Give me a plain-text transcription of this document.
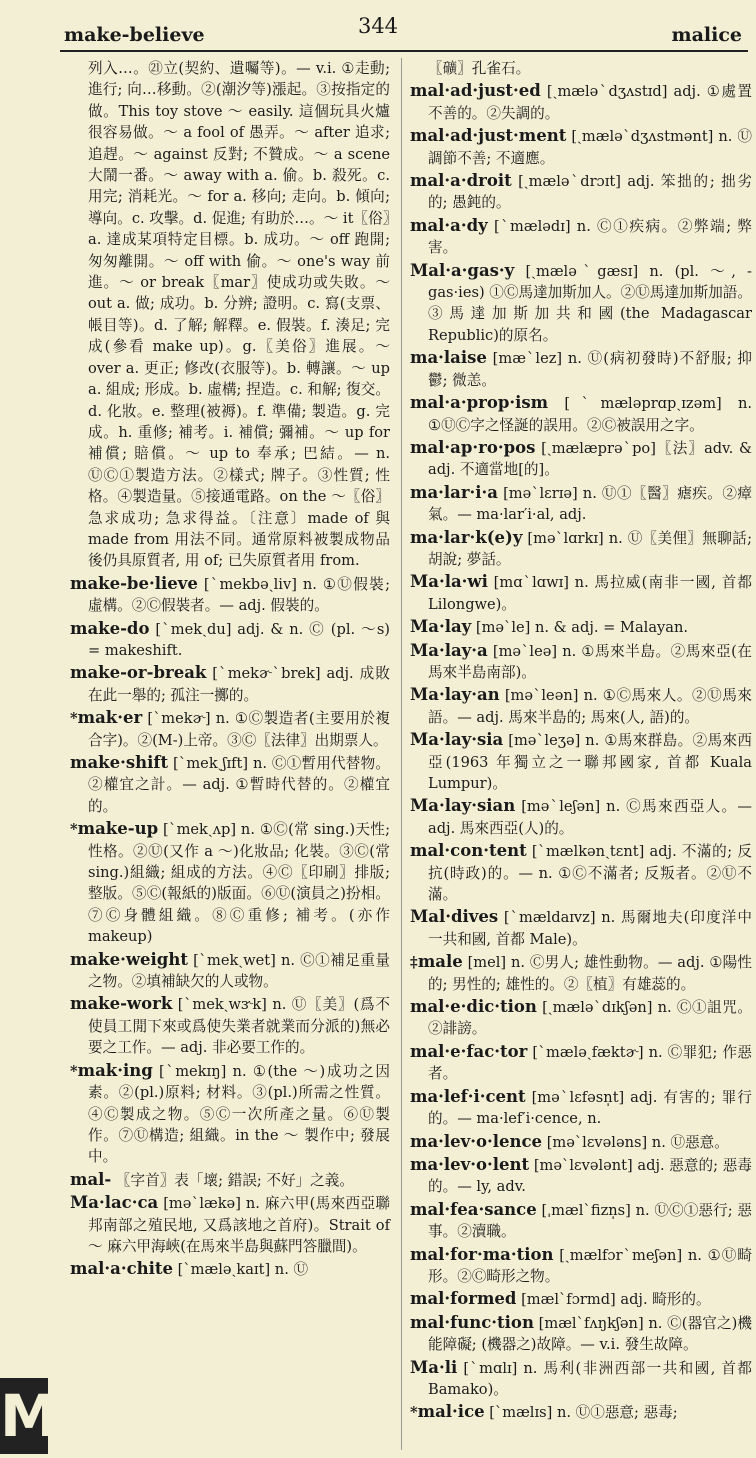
make-believe	344	malice
列入…。㉑立(契約、遺囑等)。— v.i. ①走動; 進行; 向…移動。②(潮汐等)漲起。③按指定的做。This toy stove ～ easily. 這個玩具火爐很容易做。～ a fool of 愚弄。～ after 追求; 追趕。～ against 反對; 不贊成。～ a scene 大鬧一番。～ away with a. 偷。b. 殺死。c. 用完; 消耗光。～ for a. 移向; 走向。b. 傾向; 導向。c. 攻擊。d. 促進; 有助於…。～ it〖俗〗a. 達成某項特定目標。b. 成功。～ off 跑開; 匆匆離開。～ off with 偷。～ one's way 前進。～ or break〖mar〗使成功或失敗。～ out a. 做; 成功。b. 分辨; 證明。c. 寫(支票、帳目等)。d. 了解; 解釋。e. 假裝。f. 湊足; 完成(參看 make up)。g.〖美俗〗進展。～ over a. 更正; 修改(衣服等)。b. 轉讓。～ up a. 組成; 形成。b. 虛構; 捏造。c. 和解; 復交。d. 化妝。e. 整理(被褥)。f. 準備; 製造。g. 完成。h. 重修; 補考。i. 補償; 彌補。～ up for 補償; 賠償。～ up to 奉承; 巴結。— n. ⓊⒸ①製造方法。②樣式; 牌子。③性質; 性格。④製造量。⑤接通電路。on the ～〖俗〗急求成功; 急求得益。〔注意〕made of 與 made from 用法不同。通常原料被製成物品後仍具原質者, 用 of; 已失原質者用 from.
make-be·lieve [ˋmekbəˏliv] n. ①Ⓤ假裝; 虛構。②Ⓒ假裝者。— adj. 假裝的。
make-do [ˋmekˏdu] adj. & n. Ⓒ (pl. ～s) = makeshift.
make-or-break [ˋmekɚˋbrek] adj. 成敗在此一舉的; 孤注一擲的。
*mak·er [ˋmekɚ] n. ①Ⓒ製造者(主要用於複合字)。②(M-)上帝。③Ⓒ〖法律〗出期票人。
make·shift [ˋmekˏʃɪft] n. Ⓒ①暫用代替物。②權宜之計。— adj. ①暫時代替的。②權宜的。
*make-up [ˋmekˏʌp] n. ①Ⓒ(常 sing.)天性; 性格。②Ⓤ(又作 a ～)化妝品; 化裝。③Ⓒ(常 sing.)組織; 組成的方法。④Ⓒ〖印刷〗排版; 整版。⑤Ⓒ(報紙的)版面。⑥Ⓤ(演員之)扮相。⑦Ⓒ身體組織。⑧Ⓒ重修; 補考。(亦作 makeup)
make·weight [ˋmekˏwet] n. Ⓒ①補足重量之物。②填補缺欠的人或物。
make-work [ˋmekˏwɝk] n. Ⓤ〖美〗(爲不使員工閒下來或爲使失業者就業而分派的)無必要之工作。— adj. 非必要工作的。
*mak·ing [ˋmekɪŋ] n. ①(the ～)成功之因素。②(pl.)原料; 材料。③(pl.)所需之性質。④Ⓒ製成之物。⑤Ⓒ一次所產之量。⑥Ⓤ製作。⑦Ⓤ構造; 組織。in the ～ 製作中; 發展中。
mal- 〖字首〗表「壞; 錯誤; 不好」之義。
Ma·lac·ca [məˋlækə] n. 麻六甲(馬來西亞聯邦南部之殖民地, 又爲該地之首府)。Strait of ～ 麻六甲海峽(在馬來半島與蘇門答臘間)。
mal·a·chite [ˋmæləˏkaɪt] n. Ⓤ
〖礦〗孔雀石。
mal·ad·just·ed [ˏmæləˋdʒʌstɪd] adj. ①處置不善的。②失調的。
mal·ad·just·ment [ˏmæləˋdʒʌstmənt] n. Ⓤ調節不善; 不適應。
mal·a·droit [ˏmæləˋdrɔɪt] adj. 笨拙的; 拙劣的; 愚鈍的。
mal·a·dy [ˋmælədɪ] n. Ⓒ①疾病。②弊端; 弊害。
Mal·a·gas·y [ˏmæləˋgæsɪ] n. (pl. ～, -gas·ies) ①Ⓒ馬達加斯加人。②Ⓤ馬達加斯加語。③馬達加斯加共和國(the Madagascar Republic)的原名。
ma·laise [mæˋlez] n. Ⓤ(病初發時)不舒服; 抑鬱; 微恙。
mal·a·prop·ism [ˋmæləprɑpˏɪzəm] n. ①ⓊⒸ字之怪誕的誤用。②Ⓒ被誤用之字。
mal·ap·ro·pos [ˏmælæprəˋpo]〖法〗adv. & adj. 不適當地[的]。
ma·lar·i·a [məˋlɛrɪə] n. Ⓤ①〖醫〗瘧疾。②瘴氣。— ma·lar′i·al, adj.
ma·lar·k(e)y [məˋlɑrkɪ] n. Ⓤ〖美俚〗無聊話; 胡說; 夢話。
Ma·la·wi [mɑˋlɑwɪ] n. 馬拉威(南非一國, 首都 Lilongwe)。
Ma·lay [məˋle] n. & adj. = Malayan.
Ma·lay·a [məˋleə] n. ①馬來半島。②馬來亞(在馬來半島南部)。
Ma·lay·an [məˋleən] n. ①Ⓒ馬來人。②Ⓤ馬來語。— adj. 馬來半島的; 馬來(人, 語)的。
Ma·lay·sia [məˋleʒə] n. ①馬來群島。②馬來西亞(1963 年獨立之一聯邦國家, 首都 Kuala Lumpur)。
Ma·lay·sian [məˋleʃən] n. Ⓒ馬來西亞人。— adj. 馬來西亞(人)的。
mal·con·tent [ˋmælkənˏtɛnt] adj. 不滿的; 反抗(時政)的。— n. ①Ⓒ不滿者; 反叛者。②Ⓤ不滿。
Mal·dives [ˋmældaɪvz] n. 馬爾地夫(印度洋中一共和國, 首都 Male)。
‡male [mel] n. Ⓒ男人; 雄性動物。— adj. ①陽性的; 男性的; 雄性的。②〖植〗有雄蕊的。
mal·e·dic·tion [ˏmæləˋdɪkʃən] n. Ⓒ①詛咒。②誹謗。
mal·e·fac·tor [ˋmæləˏfæktɚ] n. Ⓒ罪犯; 作惡者。
ma·lef·i·cent [məˋlɛfəsn̩t] adj. 有害的; 罪行的。— ma·lef′i·cence, n.
ma·lev·o·lence [məˋlɛvələns] n. Ⓤ惡意。
ma·lev·o·lent [məˋlɛvələnt] adj. 惡意的; 惡毒的。— ly, adv.
mal·fea·sance [ˌmælˋfizn̩s] n. ⓊⒸ①惡行; 惡事。②瀆職。
mal·for·ma·tion [ˏmælfɔrˋmeʃən] n. ①Ⓤ畸形。②Ⓒ畸形之物。
mal·formed [mælˋfɔrmd] adj. 畸形的。
mal·func·tion [mælˋfʌŋkʃən] n. Ⓒ(器官之)機能障礙; (機器之)故障。— v.i. 發生故障。
Ma·li [ˋmɑlɪ] n. 馬利(非洲西部一共和國, 首都 Bamako)。
*mal·ice [ˋmælɪs] n. Ⓤ①惡意; 惡毒;
M
